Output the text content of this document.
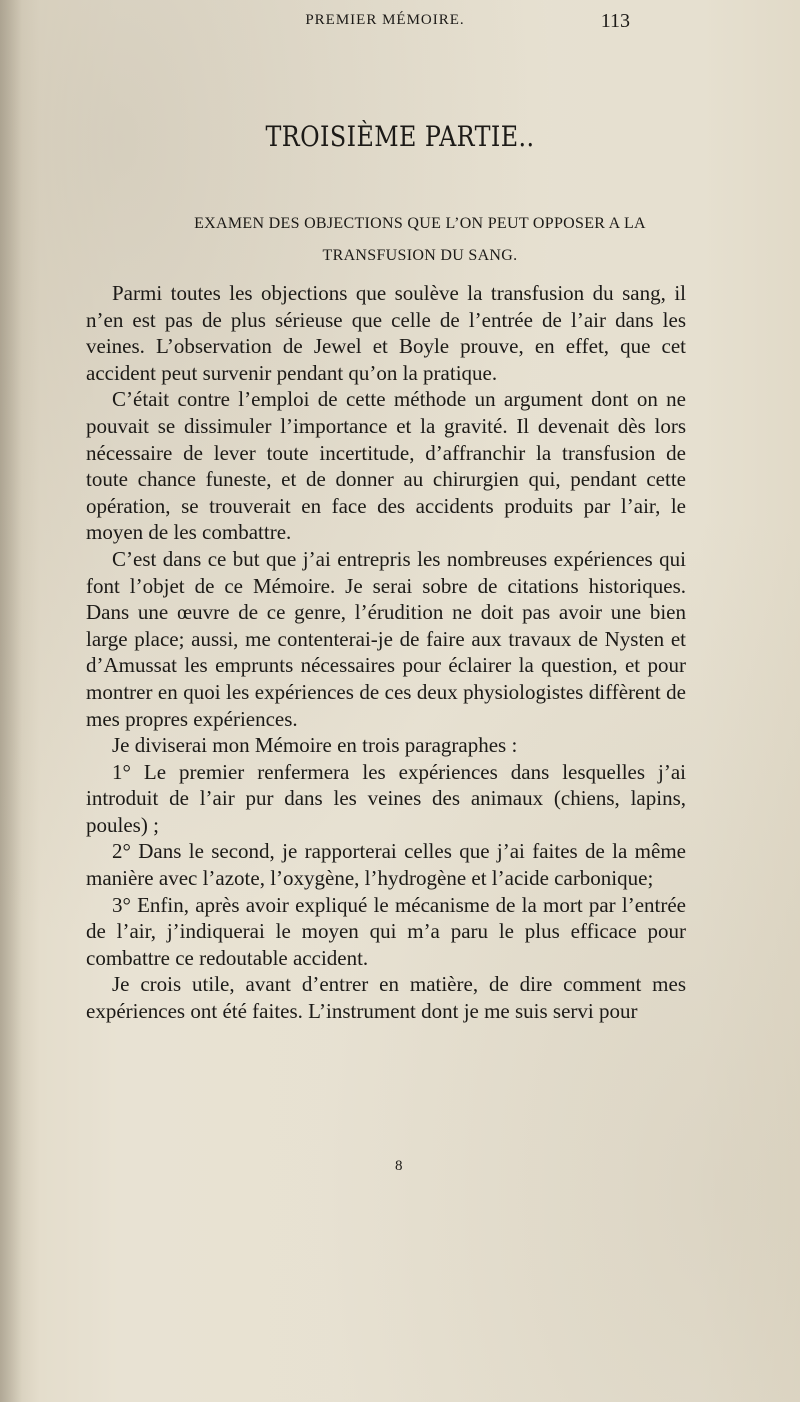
PREMIER MÉMOIRE.	113
TROISIÈME PARTIE..
EXAMEN DES OBJECTIONS QUE L’ON PEUT OPPOSER A LA TRANSFUSION DU SANG.

Parmi toutes les objections que soulève la transfusion du sang, il n’en est pas de plus sérieuse que celle de l’entrée de l’air dans les veines. L’observation de Jewel et Boyle prouve, en effet, que cet accident peut survenir pendant qu’on la pratique.

C’était contre l’emploi de cette méthode un argument dont on ne pouvait se dissimuler l’importance et la gravité. Il devenait dès lors nécessaire de lever toute incertitude, d’affranchir la transfusion de toute chance funeste, et de donner au chirurgien qui, pendant cette opération, se trouverait en face des accidents produits par l’air, le moyen de les combattre.

C’est dans ce but que j’ai entrepris les nombreuses expériences qui font l’objet de ce Mémoire. Je serai sobre de citations historiques. Dans une œuvre de ce genre, l’érudition ne doit pas avoir une bien large place; aussi, me contenterai-je de faire aux travaux de Nysten et d’Amussat les emprunts nécessaires pour éclairer la question, et pour montrer en quoi les expériences de ces deux physiologistes diffèrent de mes propres expériences.

Je diviserai mon Mémoire en trois paragraphes :

1° Le premier renfermera les expériences dans lesquelles j’ai introduit de l’air pur dans les veines des animaux (chiens, lapins, poules) ;

2° Dans le second, je rapporterai celles que j’ai faites de la même manière avec l’azote, l’oxygène, l’hydrogène et l’acide carbonique;

3° Enfin, après avoir expliqué le mécanisme de la mort par l’entrée de l’air, j’indiquerai le moyen qui m’a paru le plus efficace pour combattre ce redoutable accident.

Je crois utile, avant d’entrer en matière, de dire comment mes expériences ont été faites. L’instrument dont je me suis servi pour

8
